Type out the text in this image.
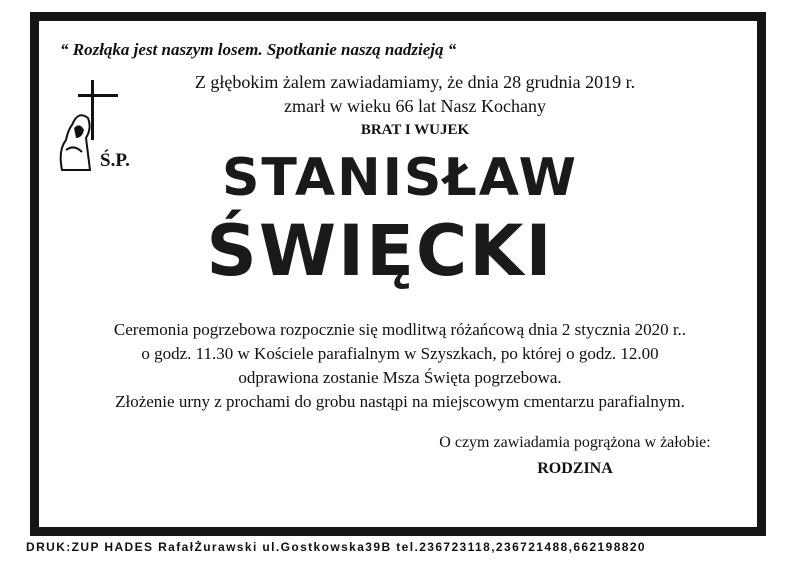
“ Rozłąka jest naszym losem. Spotkanie naszą nadzieją “
Z głębokim żalem zawiadamiamy, że dnia 28 grudnia 2019 r.
zmarł w wieku 66 lat Nasz Kochany
BRAT I WUJEK
Ś.P.	STANISŁAW
ŚWIĘCKI
Ceremonia pogrzebowa rozpocznie się modlitwą różańcową dnia 2 stycznia 2020 r..
o godz. 11.30 w Kościele parafialnym w Szyszkach, po której o godz. 12.00
odprawiona zostanie Msza Święta pogrzebowa.
Złożenie urny z prochami do grobu nastąpi na miejscowym cmentarzu parafialnym.
O czym zawiadamia pogrążona w żałobie:
RODZINA
DRUK:ZUP HADES RafałŻurawski ul.Gostkowska39B tel.236723118,236721488,662198820
